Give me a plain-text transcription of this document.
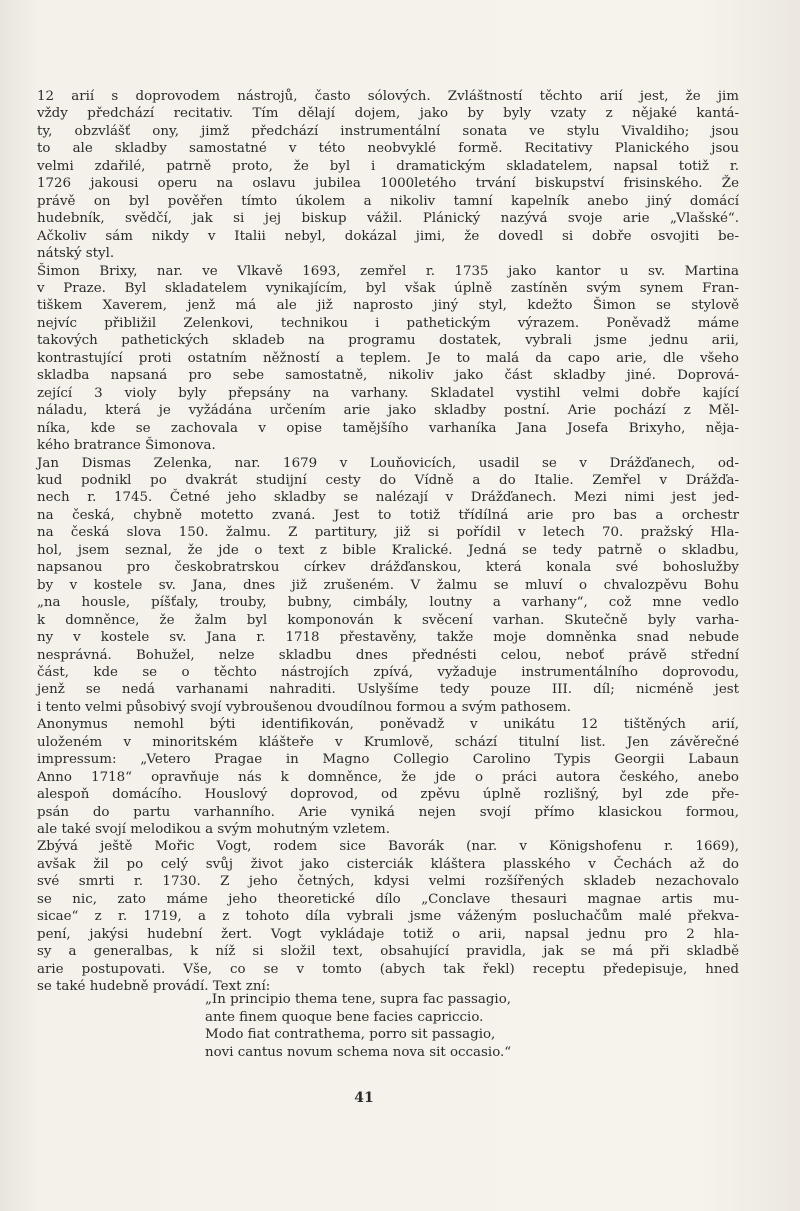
12 arií s doprovodem nástrojů, často sólových. Zvláštností těchto arií jest, že jim
vždy předchází recitativ. Tím dělají dojem, jako by byly vzaty z nějaké kantá-
ty, obzvlášť ony, jimž předchází instrumentální sonata ve stylu Vivaldiho; jsou
to ale skladby samostatné v této neobvyklé formě. Recitativy Planického jsou
velmi zdařilé, patrně proto, že byl i dramatickým skladatelem, napsal totiž r.
1726 jakousi operu na oslavu jubilea 1000letého trvání biskupství frisinského. Že
právě on byl pověřen tímto úkolem a nikoliv tamní kapelník anebo jiný domácí
hudebník, svědčí, jak si jej biskup vážil. Plánický nazývá svoje arie „Vlašské“.
Ačkoliv sám nikdy v Italii nebyl, dokázal jimi, že dovedl si dobře osvojiti be-
nátský styl.
Šimon Brixy, nar. ve Vlkavě 1693, zemřel r. 1735 jako kantor u sv. Martina
v Praze. Byl skladatelem vynikajícím, byl však úplně zastíněn svým synem Fran-
tiškem Xaverem, jenž má ale již naprosto jiný styl, kdežto Šimon se stylově
nejvíc přibližil Zelenkovi, technikou i pathetickým výrazem. Poněvadž máme
takových pathetických skladeb na programu dostatek, vybrali jsme jednu arii,
kontrastující proti ostatním něžností a teplem. Je to malá da capo arie, dle všeho
skladba napsaná pro sebe samostatně, nikoliv jako část skladby jiné. Doprová-
zející 3 violy byly přepsány na varhany. Skladatel vystihl velmi dobře kající
náladu, která je vyžádána určením arie jako skladby postní. Arie pochází z Měl-
níka, kde se zachovala v opise tamějšího varhaníka Jana Josefa Brixyho, něja-
kého bratrance Šimonova.
Jan Dismas Zelenka, nar. 1679 v Louňovicích, usadil se v Drážďanech, od-
kud podnikl po dvakrát studijní cesty do Vídně a do Italie. Zemřel v Drážďa-
nech r. 1745. Četné jeho skladby se nalézají v Drážďanech. Mezi nimi jest jed-
na česká, chybně motetto zvaná. Jest to totiž třídílná arie pro bas a orchestr
na česká slova 150. žalmu. Z partitury, již si pořídil v letech 70. pražský Hla-
hol, jsem seznal, že jde o text z bible Kralické. Jedná se tedy patrně o skladbu,
napsanou pro českobratrskou církev drážďanskou, která konala své bohoslužby
by v kostele sv. Jana, dnes již zrušeném. V žalmu se mluví o chvalozpěvu Bohu
„na housle, píšťaly, trouby, bubny, cimbály, loutny a varhany“, což mne vedlo
k domněnce, že žalm byl komponován k svěcení varhan. Skutečně byly varha-
ny v kostele sv. Jana r. 1718 přestavěny, takže moje domněnka snad nebude
nesprávná. Bohužel, nelze skladbu dnes přednésti celou, neboť právě střední
část, kde se o těchto nástrojích zpívá, vyžaduje instrumentálního doprovodu,
jenž se nedá varhanami nahraditi. Uslyšíme tedy pouze III. díl; nicméně jest
i tento velmi působivý svojí vybroušenou dvoudílnou formou a svým pathosem.
Anonymus nemohl býti identifikován, poněvadž v unikátu 12 tištěných arií,
uloženém v minoritském klášteře v Krumlově, schází titulní list. Jen závěrečné
impressum: „Vetero Pragae in Magno Collegio Carolino Typis Georgii Labaun
Anno 1718“ opravňuje nás k domněnce, že jde o práci autora českého, anebo
alespoň domácího. Houslový doprovod, od zpěvu úplně rozlišný, byl zde pře-
psán do partu varhanního. Arie vyniká nejen svojí přímo klasickou formou,
ale také svojí melodikou a svým mohutným vzletem.
Zbývá ještě Mořic Vogt, rodem sice Bavorák (nar. v Königshofenu r. 1669),
avšak žil po celý svůj život jako cisterciák kláštera plasského v Čechách až do
své smrti r. 1730. Z jeho četných, kdysi velmi rozšířených skladeb nezachovalo
se nic, zato máme jeho theoretické dílo „Conclave thesauri magnae artis mu-
sicae“ z r. 1719, a z tohoto díla vybrali jsme váženým posluchačům malé překva-
pení, jakýsi hudební žert. Vogt vykládaje totiž o arii, napsal jednu pro 2 hla-
sy a generalbas, k níž si složil text, obsahující pravidla, jak se má při skladbě
arie postupovati. Vše, co se v tomto (abych tak řekl) receptu předepisuje, hned
se také hudebně provádí. Text zní:
„In principio thema tene, supra fac passagio,
ante finem quoque bene facies capriccio.
Modo fiat contrathema, porro sit passagio,
novi cantus novum schema nova sit occasio.“
41
